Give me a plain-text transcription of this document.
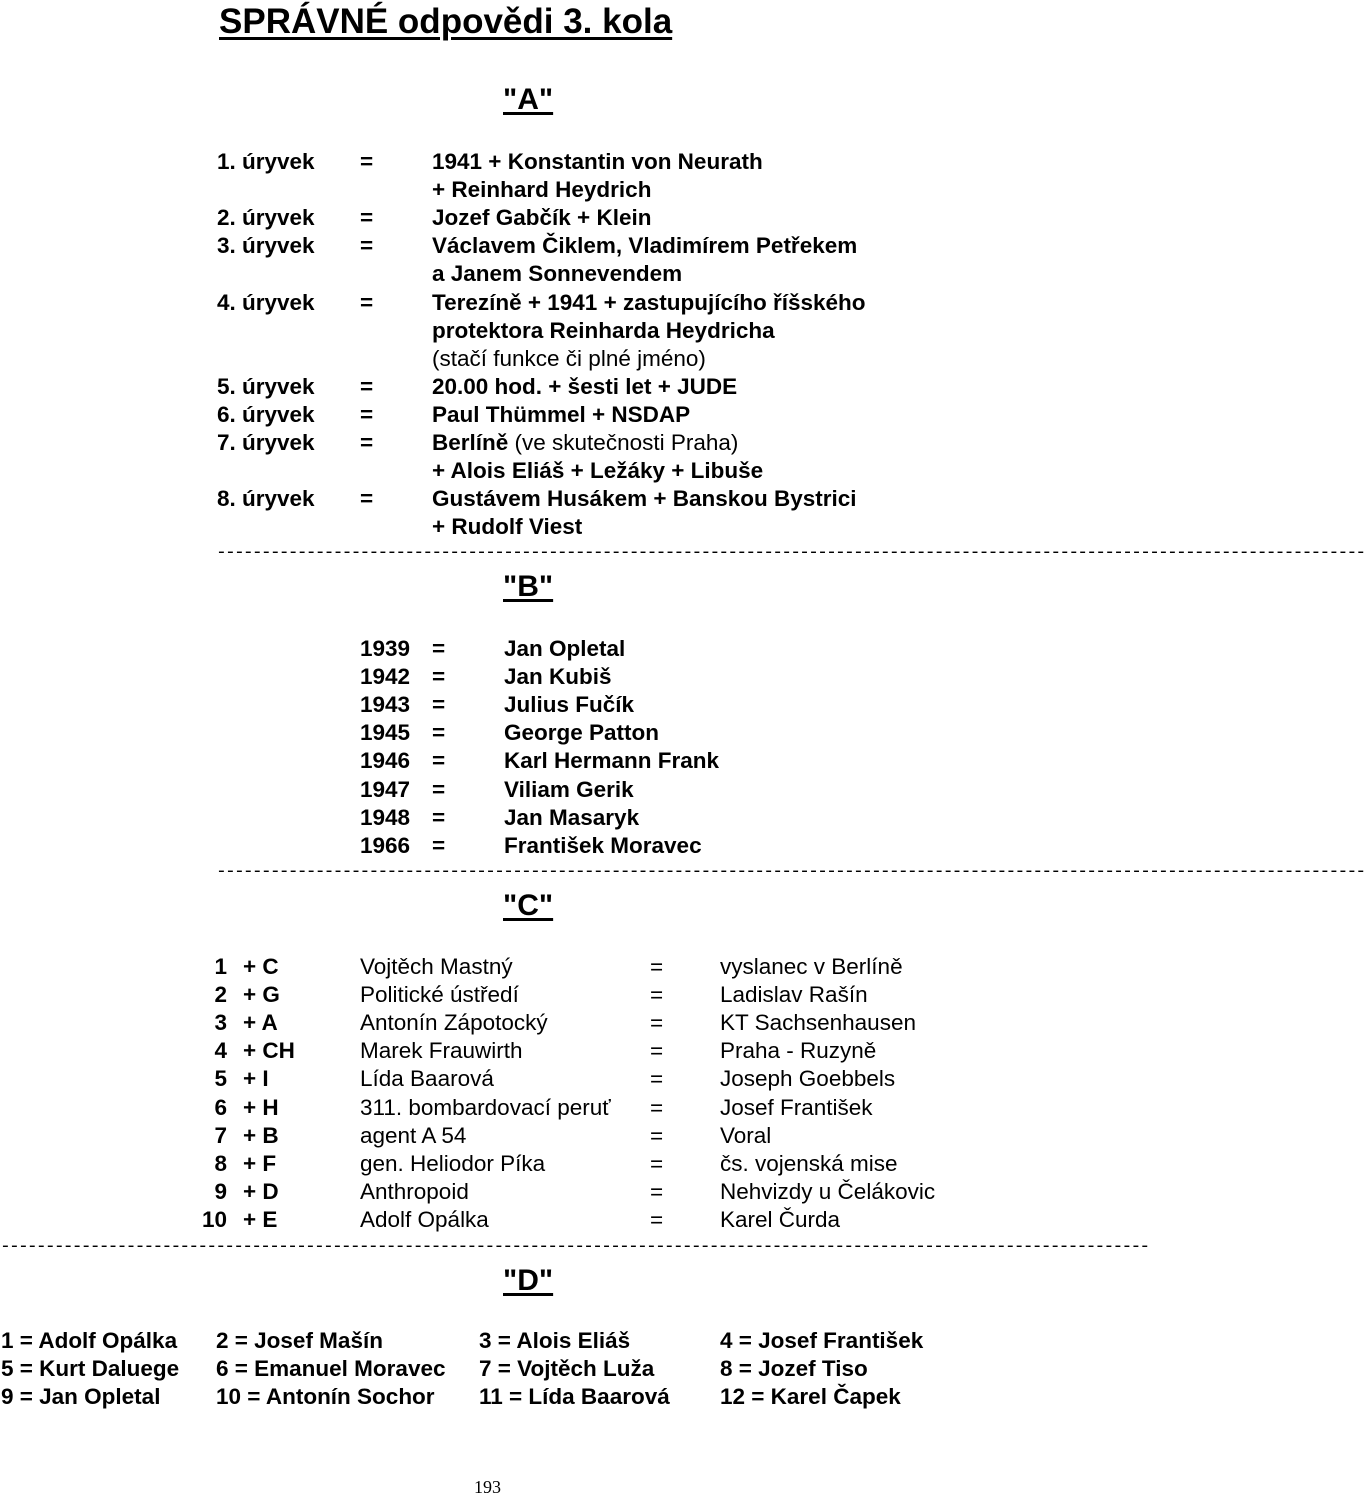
SPRÁVNÉ odpovědi 3. kola
"A"
1. úryvek =	1941 + Konstantin von Neurath
+ Reinhard Heydrich
2. úryvek =	Jozef Gabčík + Klein
3. úryvek =	Václavem Čiklem, Vladimírem Petřekem
a Janem Sonnevendem
4. úryvek =	Terezíně + 1941 + zastupujícího říšského
protektora Reinharda Heydricha
(stačí funkce či plné jméno)
5. úryvek =	20.00 hod. + šesti let + JUDE
6. úryvek =	Paul Thümmel + NSDAP
7. úryvek =	Berlíně (ve skutečnosti Praha)
+ Alois Eliáš + Ležáky + Libuše
8. úryvek =	Gustávem Husákem + Banskou Bystrici
+ Rudolf Viest
--------------------------------------------------------------------------------------------------------------------------------
"B"
1939 =	Jan Opletal
1942 =	Jan Kubiš
1943 =	Julius Fučík
1945 =	George Patton
1946 =	Karl Hermann Frank
1947 =	Viliam Gerik
1948 =	Jan Masaryk
1966 =	František Moravec
--------------------------------------------------------------------------------------------------------------------------------
"C"
1 + C	Vojtěch Mastný	=	vyslanec v Berlíně
2 + G	Politické ústředí	=	Ladislav Rašín
3 + A	Antonín Zápotocký	=	KT Sachsenhausen
4 + CH	Marek Frauwirth	=	Praha - Ruzyně
5 + I	Lída Baarová	=	Joseph Goebbels
6 + H	311. bombardovací peruť =	Josef František
7 + B	agent A 54	=	Voral
8 + F	gen. Heliodor Píka	=	čs. vojenská mise
9 + D	Anthropoid	=	Nehvizdy u Čelákovic
10 + E	Adolf Opálka	=	Karel Čurda
--------------------------------------------------------------------------------------------------------------------------------
"D"
1 = Adolf Opálka 2 = Josef Mašín	3 = Alois Eliáš	4 = Josef František
5 = Kurt Daluege 6 = Emanuel Moravec 7 = Vojtěch Luža	8 = Jozef Tiso
9 = Jan Opletal 10 = Antonín Sochor 11 = Lída Baarová 12 = Karel Čapek
193
